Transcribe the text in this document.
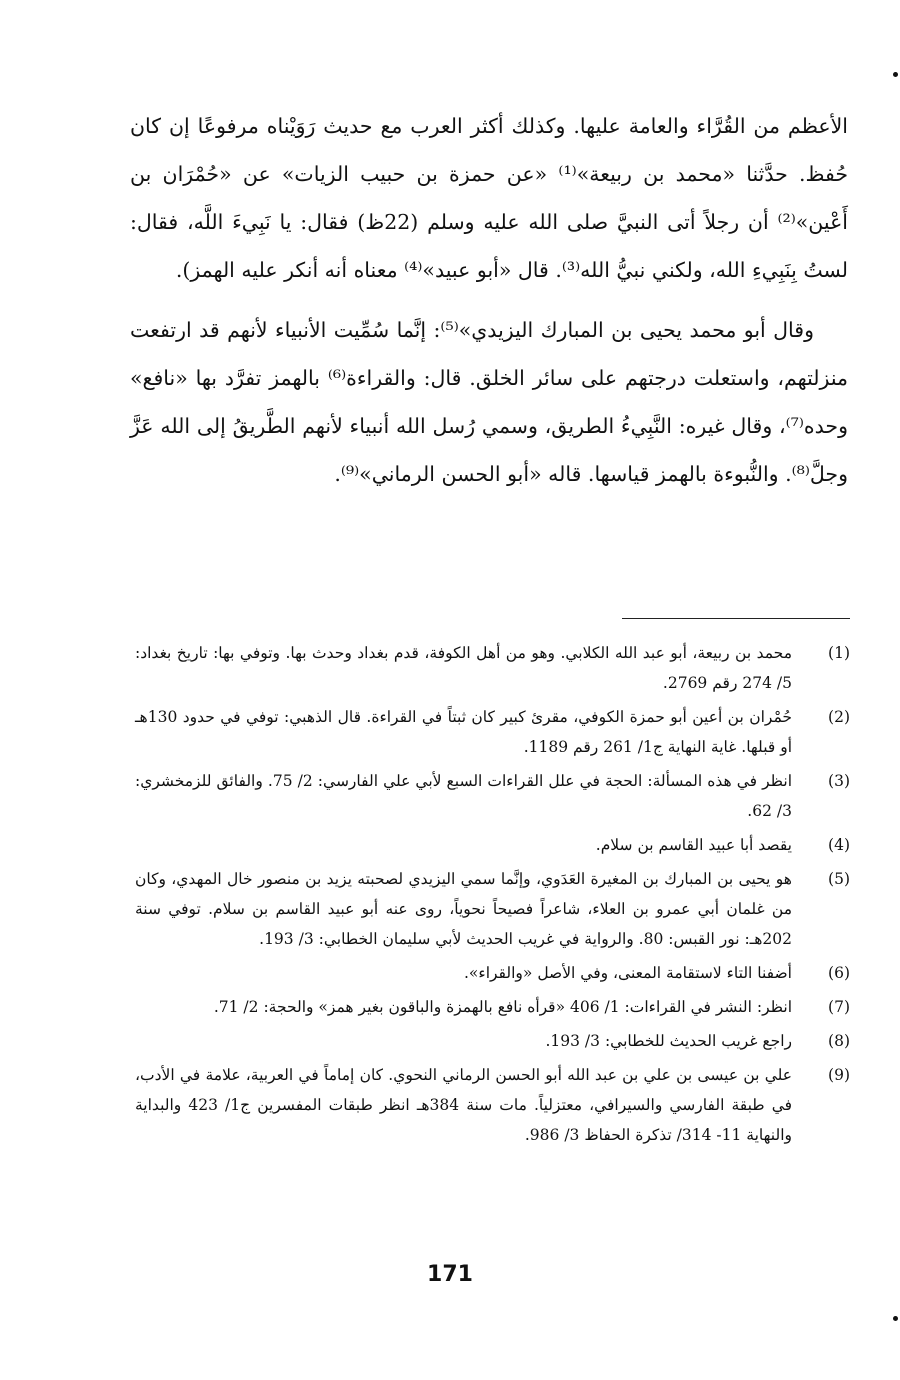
الأعظم من القُرَّاء والعامة عليها. وكذلك أكثر العرب مع حديث رَوَيْناه مرفوعًا إن كان حُفظ. حدَّثنا «محمد بن ربيعة»⁽¹⁾ «عن حمزة بن حبيب الزيات» عن «حُمْرَان بن أَعْين»⁽²⁾ أن رجلاً أتى النبيَّ صلى الله عليه وسلم (22ظ) فقال: يا نَبِيءَ اللَّه، فقال: لستُ بِنَبِيءِ الله، ولكني نبيُّ الله⁽³⁾. قال «أبو عبيد»⁽⁴⁾ معناه أنه أنكر عليه الهمز).

وقال أبو محمد يحيى بن المبارك اليزيدي»⁽⁵⁾: إنَّما سُمِّيت الأنبياء لأنهم قد ارتفعت منزلتهم، واستعلت درجتهم على سائر الخلق. قال: والقراءة⁽⁶⁾ بالهمز تفرَّد بها «نافع» وحده⁽⁷⁾، وقال غيره: النَّبِيءُ الطريق، وسمي رُسل الله أنبياء لأنهم الطَّريقُ إلى الله عَزَّ وجلَّ⁽⁸⁾. والنُّبوءة بالهمز قياسها. قاله «أبو الحسن الرماني»⁽⁹⁾.

(1)
محمد بن ربيعة، أبو عبد الله الكلابي. وهو من أهل الكوفة، قدم بغداد وحدث بها. وتوفي بها: تاريخ بغداد: 5/ 274 رقم 2769.
(2)
حُمْران بن أعين أبو حمزة الكوفي، مقرئ كبير كان ثبتاً في القراءة. قال الذهبي: توفي في حدود 130هـ أو قبلها. غاية النهاية ج1/ 261 رقم 1189.
(3)
انظر في هذه المسألة: الحجة في علل القراءات السبع لأبي علي الفارسي: 2/ 75. والفائق للزمخشري: 3/ 62.
(4)
يقصد أبا عبيد القاسم بن سلام.
(5)
هو يحيى بن المبارك بن المغيرة العَدَوي، وإنَّما سمي اليزيدي لصحبته يزيد بن منصور خال المهدي، وكان من غلمان أبي عمرو بن العلاء، شاعراً فصيحاً نحوياً، روى عنه أبو عبيد القاسم بن سلام. توفي سنة 202هـ: نور القبس: 80. والرواية في غريب الحديث لأبي سليمان الخطابي: 3/ 193.
(6)
أضفنا التاء لاستقامة المعنى، وفي الأصل «والقراء».
(7)
انظر: النشر في القراءات: 1/ 406 «قرأه نافع بالهمزة والباقون بغير همز» والحجة: 2/ 71.
(8)
راجع غريب الحديث للخطابي: 3/ 193.
(9)
علي بن عيسى بن علي بن عبد الله أبو الحسن الرماني النحوي. كان إماماً في العربية، علامة في الأدب، في طبقة الفارسي والسيرافي، معتزلياً. مات سنة 384هـ انظر طبقات المفسرين ج1/ 423 والبداية والنهاية 11- 314/ تذكرة الحفاظ 3/ 986.
171
